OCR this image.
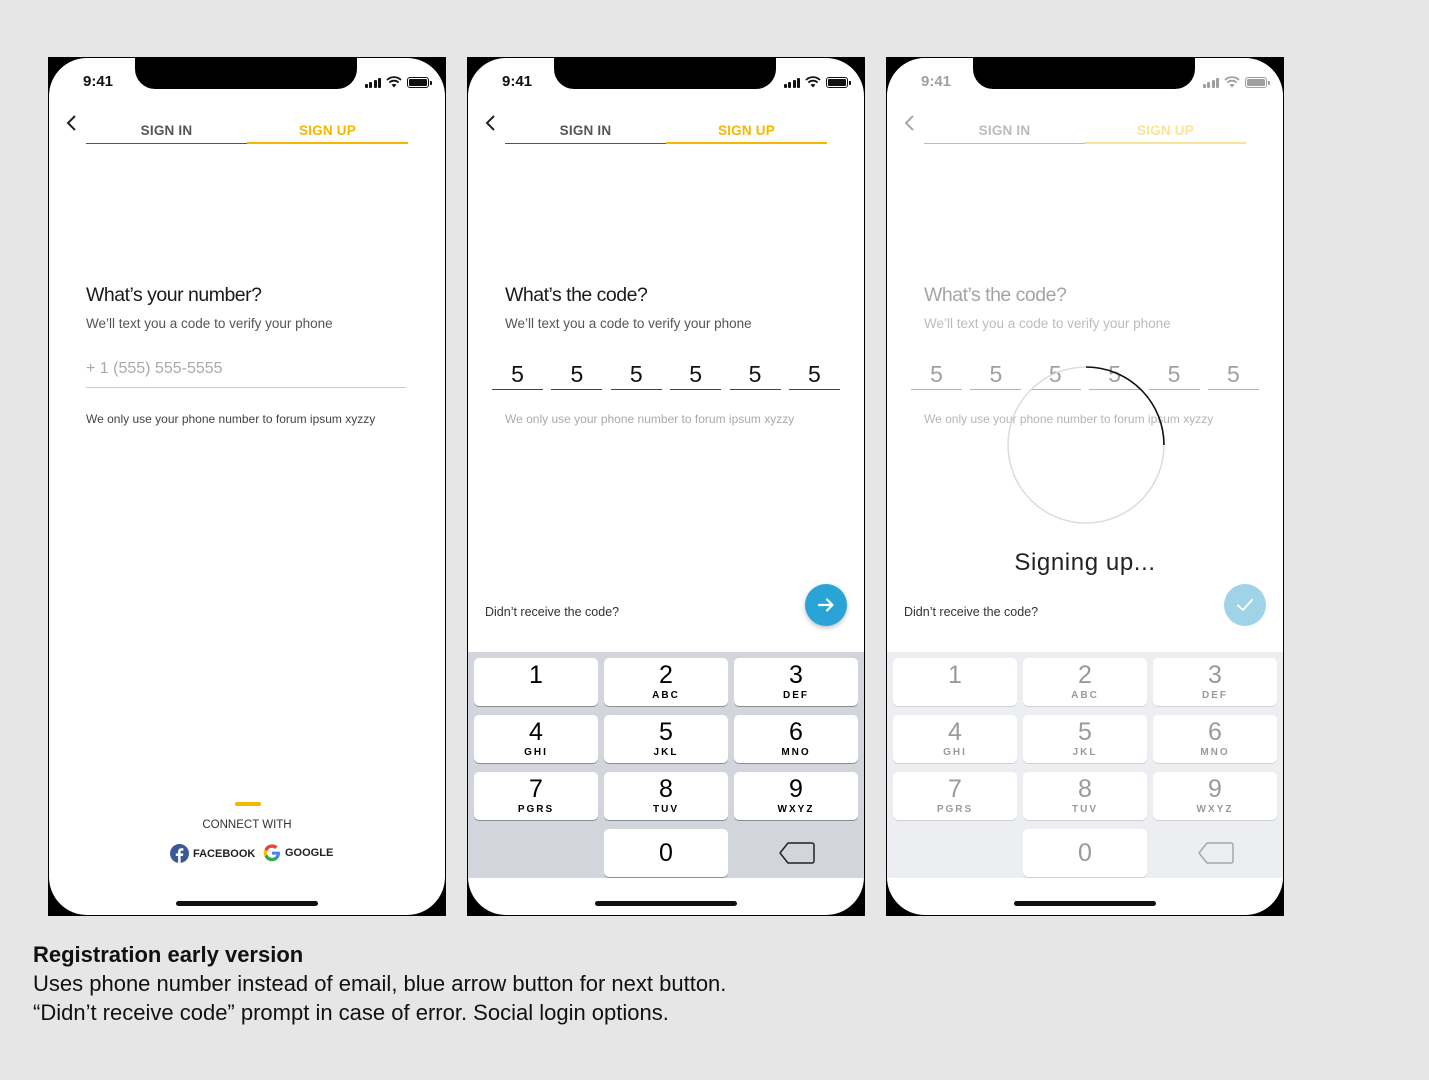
9:41
SIGN IN	SIGN UP
What’s your number?
We’ll text you a code to verify your phone
+ 1 (555) 555-5555
We only use your phone number to forum ipsum xyzzy
CONNECT WITH
FACEBOOK	GOOGLE
9:41
SIGN IN	SIGN UP
What’s the code?
We’ll text you a code to verify your phone
5	5	5	5	5	5
We only use your phone number to forum ipsum xyzzy
Didn’t receive the code?
1	2
ABC
3
DEF
4
GHI
5
JKL
6
MNO
7
PGRS
8
TUV
9
WXYZ
0
Didn’t receive the code?
Signing up...
Registration early version
Uses phone number instead of email, blue arrow button for next button.
“Didn’t receive code” prompt in case of error. Social login options.
